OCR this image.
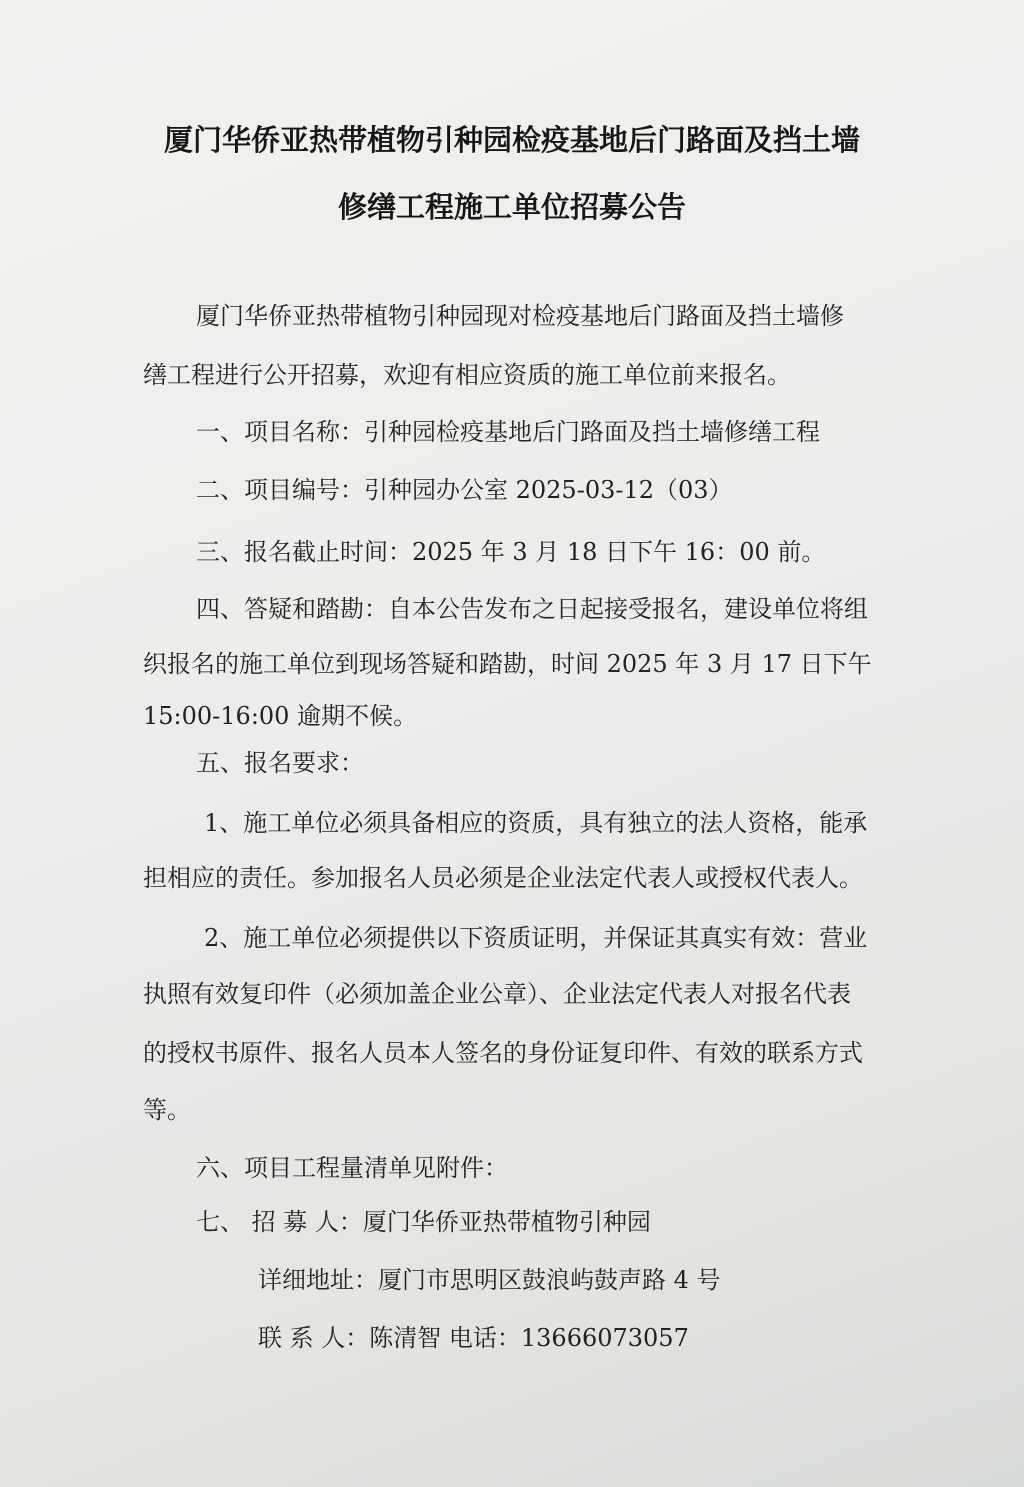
厦门华侨亚热带植物引种园检疫基地后门路面及挡土墙
修缮工程施工单位招募公告
厦门华侨亚热带植物引种园现对检疫基地后门路面及挡土墙修
缮工程进行公开招募，欢迎有相应资质的施工单位前来报名。
一、项目名称：引种园检疫基地后门路面及挡土墙修缮工程
二、项目编号：引种园办公室 2025-03-12（03）
三、报名截止时间：2025 年 3 月 18 日下午 16：00 前。
四、答疑和踏勘：自本公告发布之日起接受报名，建设单位将组
织报名的施工单位到现场答疑和踏勘，时间 2025 年 3 月 17 日下午
15:00-16:00 逾期不候。
五、报名要求：
1、施工单位必须具备相应的资质，具有独立的法人资格，能承
担相应的责任。参加报名人员必须是企业法定代表人或授权代表人。
2、施工单位必须提供以下资质证明，并保证其真实有效：营业
执照有效复印件（必须加盖企业公章）、企业法定代表人对报名代表
的授权书原件、报名人员本人签名的身份证复印件、有效的联系方式
等。
六、项目工程量清单见附件：
七、 招 募 人：厦门华侨亚热带植物引种园
详细地址：厦门市思明区鼓浪屿鼓声路 4 号
联 系 人：陈清智 电话：13666073057
